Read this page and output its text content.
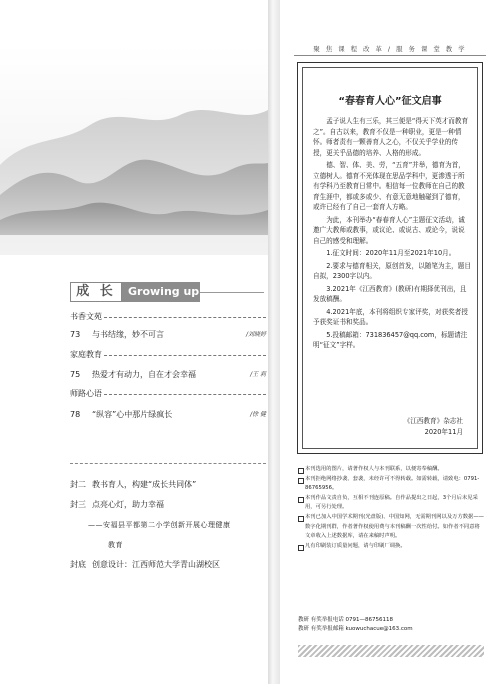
成 长	Growing up
书香文苑
73	与书结缘，妙不可言	/刘晓婷
家庭教育
75	热爱才有动力，自在才会幸福	/王 莉
师路心语
78	“纵容”心中那片绿疯长	/徐 健
封二 教书育人，构建“成长共同体”
封三 点亮心灯，助力幸福
——安福县平都第二小学创新开展心理健康
教育
封底 创意设计：江西师范大学青山湖校区
聚 焦 课 程 改 革 / 服 务 课 堂 教 学
“春春育人心”征文启事

孟子说人生有三乐，其三便是“得天下英才而教育之”。自古以来，教育不仅是一种职业，更是一种情怀。师者责有一颗善育人之心，不仅关乎学业的传授，更关乎品德的培养、人格的形成。

德、智、体、美、劳，“五育”并举，德育为首，立德树人。德育不光体现在思品学科中，更渗透于所有学科乃至教育日常中。相信每一位教师在自己的教育生涯中，都或多或少、有意无意地触碰到了德育，或许已经有了自己一套育人方略。

为此，本刊举办“春春育人心”主题征文活动，诚邀广大教师或教事，或议论、或说古、或论今，说说自己的感受和理解。

1.征文时间：2020年11月至2021年10月。

2.要求与德育相关，原创首发，以随笔为主，题目自拟，2300字以内。

3.2021年《江西教育》(教研)有期择优刊出，且发放稿酬。

4.2021年底，本刊将组织专家评奖，对获奖者授予获奖证书和奖品。

5.投稿邮箱：731836457@qq.com，标题请注明“征文”字样。

《江西教育》杂志社
2020年11月
本刊选用的图片，请著作权人与本刊联系，以便寄奉稿酬。
本刊拒绝网络抄袭、套袭，未经许可不得转载。如需转载，请致电：0791-86765956。
本刊作品文责自负，互相不刊连原稿。自作品提出之日起，3个月后未见采用，可另行处理。
本刊已加入中国学术期刊(光盘版)、中国知网，无需期刊网以及万方数据——数字化期刊群，作者著作权使用费与本刊稿酬一次性给付。如作者不同意将文章收入上述数据库，请在来稿时声明。
凡有印刷装订质量问题，请与印刷厂调换。
教研 有奖举报电话 0791—86756118
教研 有奖举报邮箱 kuowuchacue@163.com
